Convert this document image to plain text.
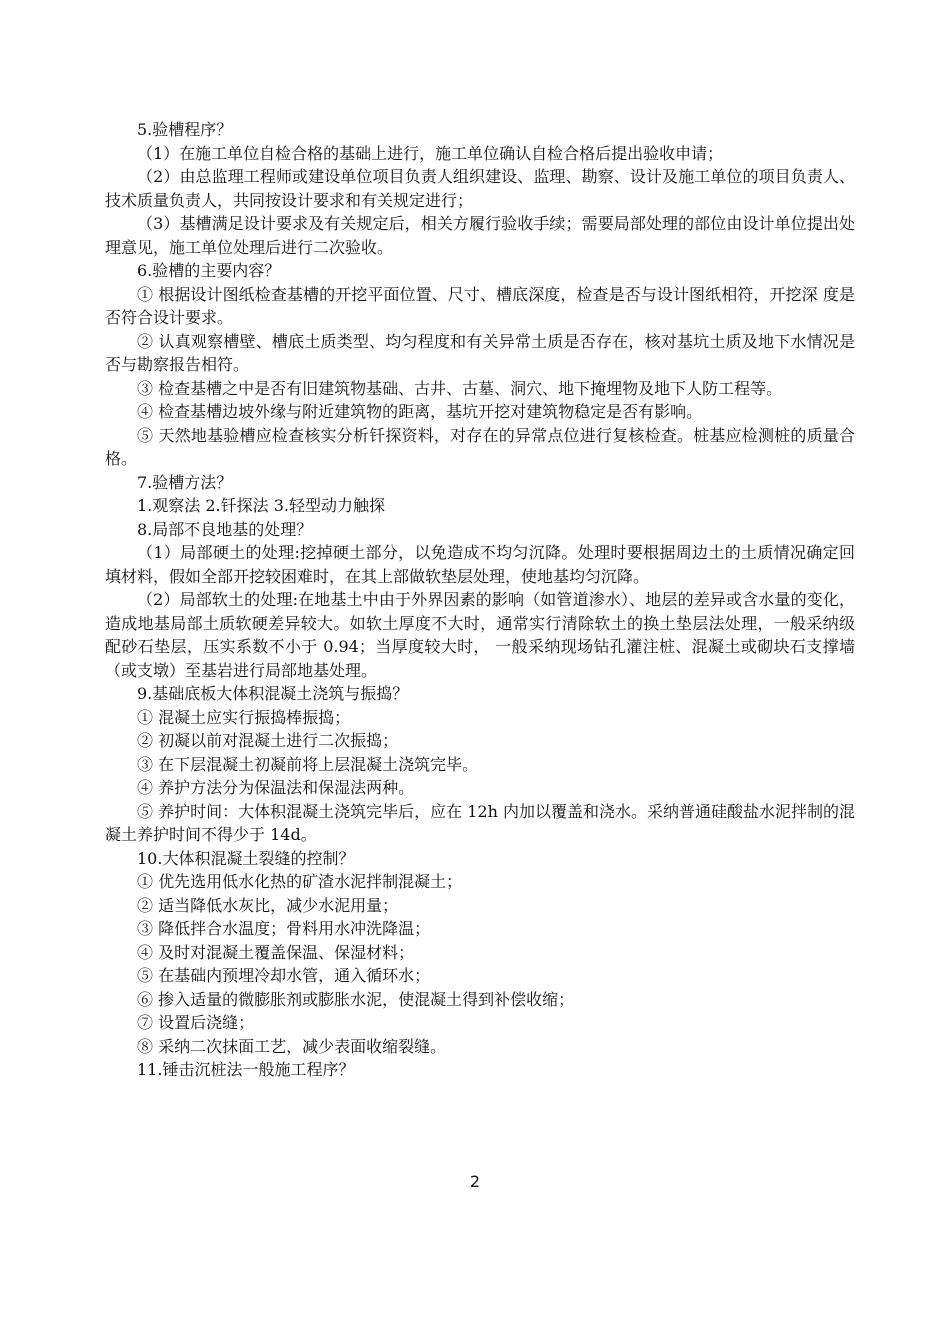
5.验槽程序？

（1）在施工单位自检合格的基础上进行，施工单位确认自检合格后提出验收申请；

（2）由总监理工程师或建设单位项目负责人组织建设、监理、勘察、设计及施工单位的项目负责人、技术质量负责人，共同按设计要求和有关规定进行；

（3）基槽满足设计要求及有关规定后，相关方履行验收手续；需要局部处理的部位由设计单位提出处理意见，施工单位处理后进行二次验收。

6.验槽的主要内容？

① 根据设计图纸检查基槽的开挖平面位置、尺寸、槽底深度，检查是否与设计图纸相符，开挖深 度是否符合设计要求。

② 认真观察槽壁、槽底土质类型、均匀程度和有关异常土质是否存在，核对基坑土质及地下水情况是否与勘察报告相符。

③ 检查基槽之中是否有旧建筑物基础、古井、古墓、洞穴、地下掩埋物及地下人防工程等。

④ 检查基槽边坡外缘与附近建筑物的距离，基坑开挖对建筑物稳定是否有影响。

⑤ 天然地基验槽应检查核实分析钎探资料，对存在的异常点位进行复核检查。桩基应检测桩的质量合格。

7.验槽方法？

1.观察法 2.钎探法 3.轻型动力触探

8.局部不良地基的处理？

（1）局部硬土的处理:挖掉硬土部分，以免造成不均匀沉降。处理时要根据周边土的土质情况确定回填材料，假如全部开挖较困难时，在其上部做软垫层处理，使地基均匀沉降。

（2）局部软土的处理:在地基土中由于外界因素的影响（如管道渗水）、地层的差异或含水量的变化，造成地基局部土质软硬差异较大。如软土厚度不大时，通常实行清除软土的换土垫层法处理，一般采纳级配砂石垫层，压实系数不小于 0.94；当厚度较大时， 一般采纳现场钻孔灌注桩、混凝土或砌块石支撑墙（或支墩）至基岩进行局部地基处理。

9.基础底板大体积混凝土浇筑与振捣？

① 混凝土应实行振捣棒振捣；

② 初凝以前对混凝土进行二次振捣；

③ 在下层混凝土初凝前将上层混凝土浇筑完毕。

④ 养护方法分为保温法和保湿法两种。

⑤ 养护时间：大体积混凝土浇筑完毕后，应在 12h 内加以覆盖和浇水。采纳普通硅酸盐水泥拌制的混凝土养护时间不得少于 14d。

10.大体积混凝土裂缝的控制？

① 优先选用低水化热的矿渣水泥拌制混凝土；

② 适当降低水灰比，减少水泥用量；

③ 降低拌合水温度；骨料用水冲洗降温；

④ 及时对混凝土覆盖保温、保湿材料；

⑤ 在基础内预埋冷却水管，通入循环水；

⑥ 掺入适量的微膨胀剂或膨胀水泥，使混凝土得到补偿收缩；

⑦ 设置后浇缝；

⑧ 采纳二次抹面工艺，减少表面收缩裂缝。

11.锤击沉桩法一般施工程序？

2
